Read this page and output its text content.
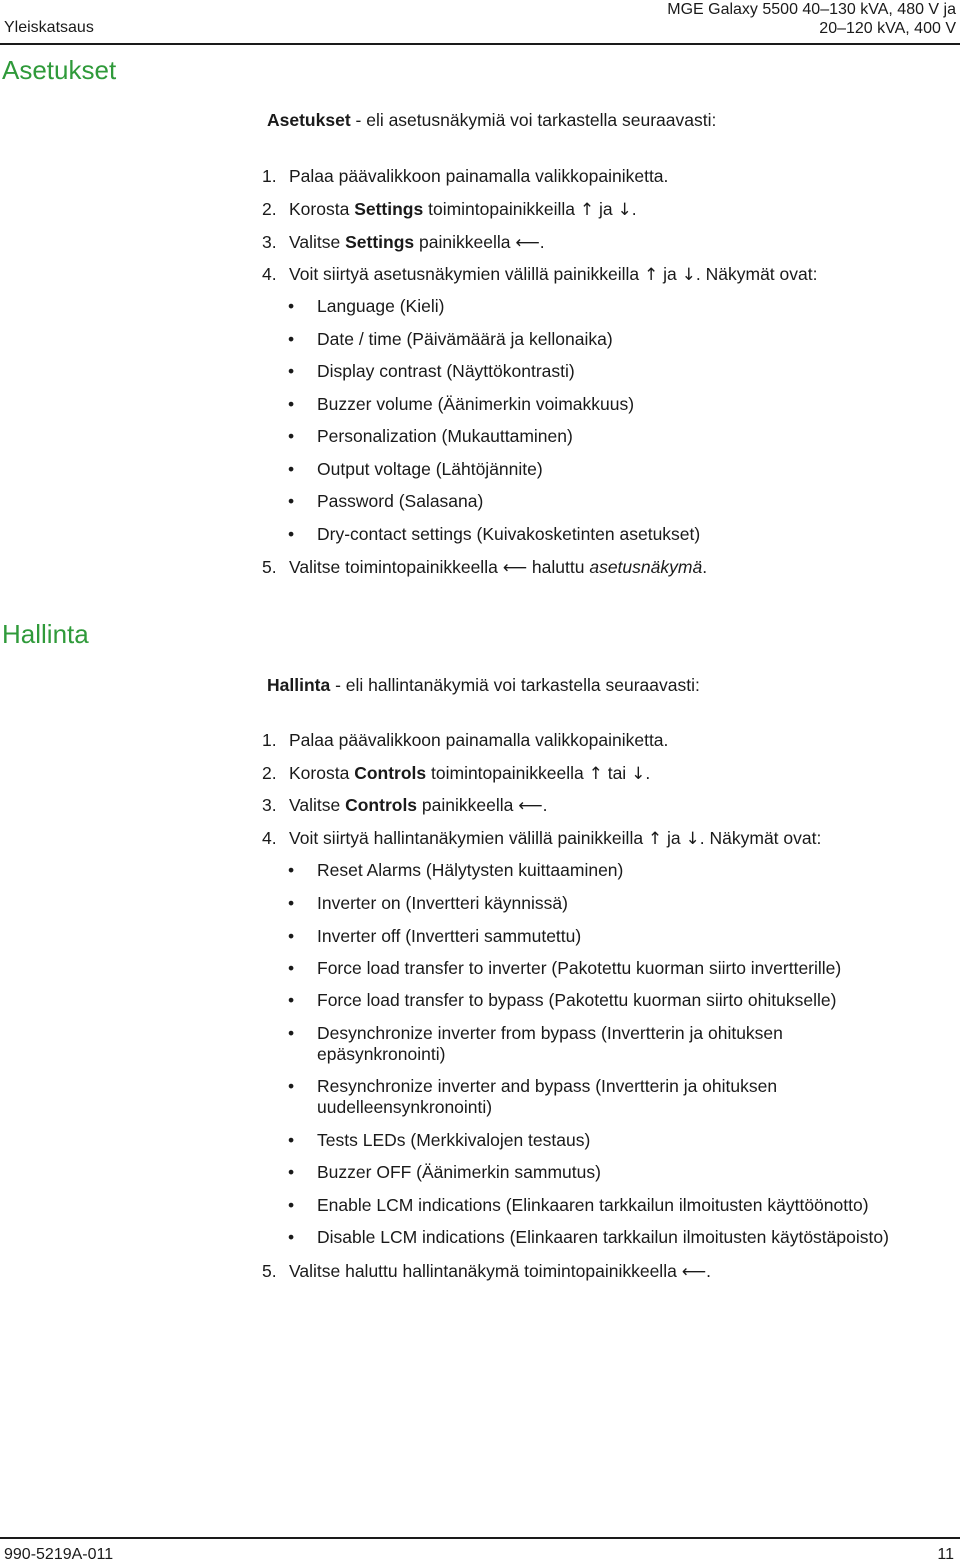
Yleiskatsaus
MGE Galaxy 5500 40–130 kVA, 480 V ja
20–120 kVA, 400 V
Asetukset
Asetukset - eli asetusnäkymiä voi tarkastella seuraavasti:
1. Palaa päävalikkoon painamalla valikkopainiketta.
2. Korosta Settings toimintopainikkeilla ↑ ja ↓.
3. Valitse Settings painikkeella ⟵.
4. Voit siirtyä asetusnäkymien välillä painikkeilla ↑ ja ↓. Näkymät ovat:
• Language (Kieli)
• Date / time (Päivämäärä ja kellonaika)
• Display contrast (Näyttökontrasti)
• Buzzer volume (Äänimerkin voimakkuus)
• Personalization (Mukauttaminen)
• Output voltage (Lähtöjännite)
• Password (Salasana)
• Dry-contact settings (Kuivakosketinten asetukset)
5. Valitse toimintopainikkeella ⟵ haluttu asetusnäkymä.
Hallinta
Hallinta - eli hallintanäkymiä voi tarkastella seuraavasti:
1. Palaa päävalikkoon painamalla valikkopainiketta.
2. Korosta Controls toimintopainikkeella ↑ tai ↓.
3. Valitse Controls painikkeella ⟵.
4. Voit siirtyä hallintanäkymien välillä painikkeilla ↑ ja ↓. Näkymät ovat:
• Reset Alarms (Hälytysten kuittaaminen)
• Inverter on (Invertteri käynnissä)
• Inverter off (Invertteri sammutettu)
• Force load transfer to inverter (Pakotettu kuorman siirto invertterille)
• Force load transfer to bypass (Pakotettu kuorman siirto ohitukselle)
• Desynchronize inverter from bypass (Invertterin ja ohituksen
epäsynkronointi)
• Resynchronize inverter and bypass (Invertterin ja ohituksen
uudelleensynkronointi)
• Tests LEDs (Merkkivalojen testaus)
• Buzzer OFF (Äänimerkin sammutus)
• Enable LCM indications (Elinkaaren tarkkailun ilmoitusten käyttöönotto)
• Disable LCM indications (Elinkaaren tarkkailun ilmoitusten käytöstäpoisto)
5. Valitse haluttu hallintanäkymä toimintopainikkeella ⟵.
990-5219A-011	11
